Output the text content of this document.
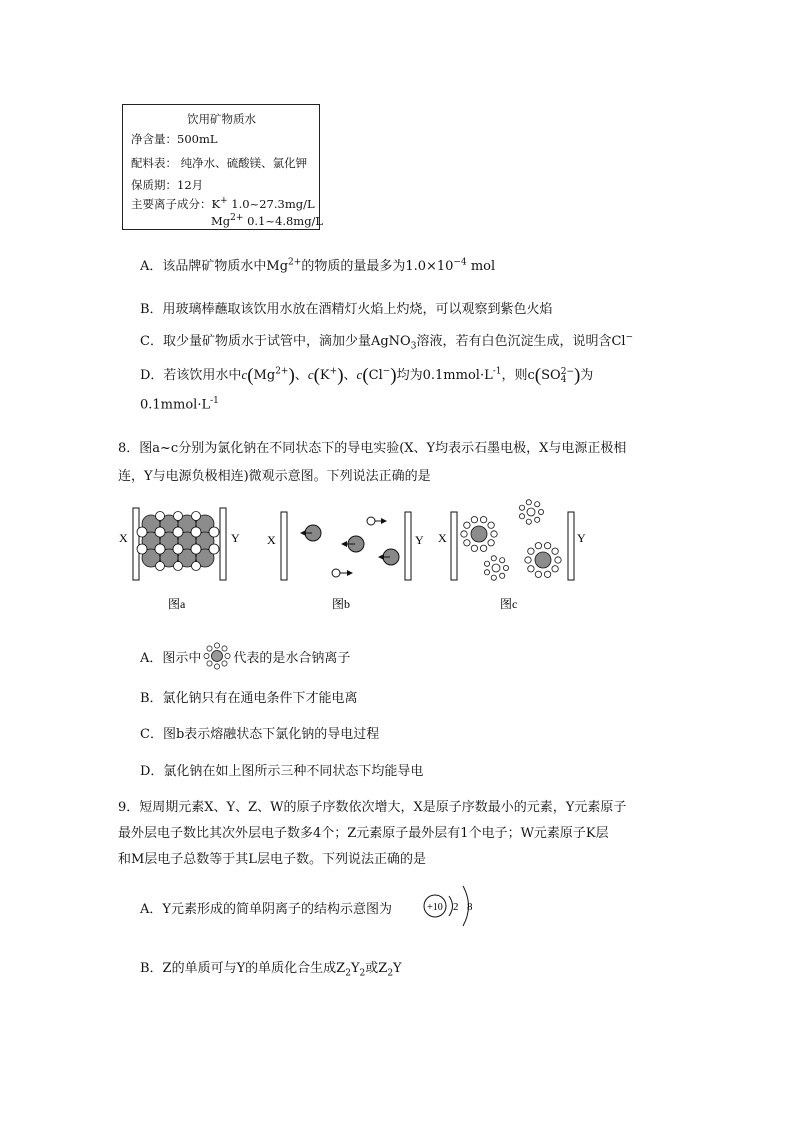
饮用矿物质水
净含量：500mL
配料表： 纯净水、硫酸镁、氯化钾
保质期：12月
主要离子成分：K+ 1.0~27.3mg/L
$Mg^{2+}$ 0.1~4.8mg/L
A．该品牌矿物质水中$Mg^{2+}$的物质的量最多为$1.0\times 10^{-4}$ mol
B．用玻璃棒蘸取该饮用水放在酒精灯火焰上灼烧，可以观察到紫色火焰
C．取少量矿物质水于试管中，滴加少量AgNO$_3$溶液，若有白色沉淀生成，说明含Cl−
D．若该饮用水中$c(Mg^{2+})$、c(K+)、c(Cl−)均为$0.1mmol\cdot L^{-1}$，则c(SO 2−
4 )为
$0.1mmol\cdot L^{-1}$
8．图a~c分别为氯化钠在不同状态下的导电实验(X、Y均表示石墨电极，X与电源正极相
连，Y与电源负极相连)微观示意图。下列说法正确的是
X	Y
图a
X	Y
图b
X	Y
图c
A．图示中 代表的是水合钠离子
B．氯化钠只有在通电条件下才能电离
C．图b表示熔融状态下氯化钠的导电过程
D．氯化钠在如上图所示三种不同状态下均能导电
9．短周期元素X、Y、Z、W的原子序数依次增大，X是原子序数最小的元素，Y元素原子
最外层电子数比其次外层电子数多4个；Z元素原子最外层有1个电子；W元素原子K层
和M层电子总数等于其L层电子数。下列说法正确的是
A．Y元素形成的简单阴离子的结构示意图为	+10 2 8
B．Z的单质可与Y的单质化合生成$Z_2Y_2$或$Z_2Y$
